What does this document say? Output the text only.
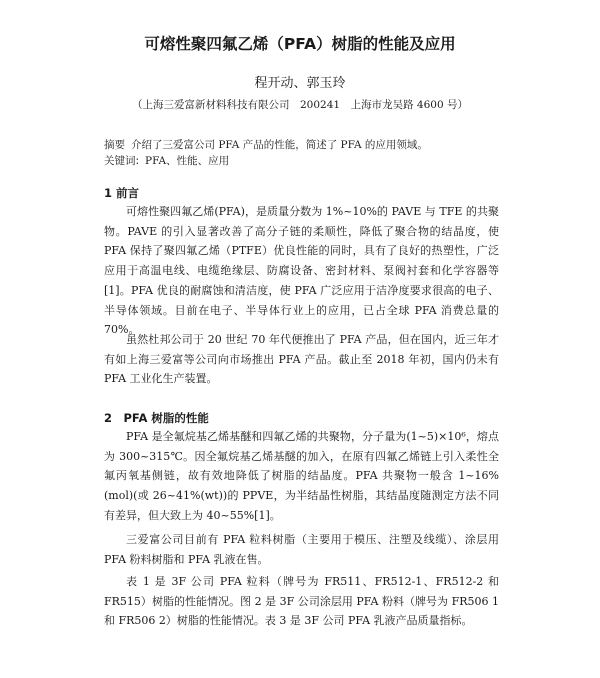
可熔性聚四氟乙烯（PFA）树脂的性能及应用
程开动、郭玉玲
（上海三爱富新材料科技有限公司　200241　上海市龙吴路 4600 号）
摘要 介绍了三爱富公司 PFA 产品的性能，简述了 PFA 的应用领域。
关键词: PFA、性能、应用
1 前言

可熔性聚四氟乙烯(PFA)，是质量分数为 1%~10%的 PAVE 与 TFE 的共聚物。PAVE 的引入显著改善了高分子链的柔顺性，降低了聚合物的结晶度，使 PFA 保持了聚四氟乙烯（PTFE）优良性能的同时，具有了良好的热塑性，广泛应用于高温电线、电缆绝缘层、防腐设备、密封材料、泵阀衬套和化学容器等[1]。PFA 优良的耐腐蚀和清洁度，使 PFA 广泛应用于洁净度要求很高的电子、半导体领域。目前在电子、半导体行业上的应用，已占全球 PFA 消费总量的 70%。

虽然杜邦公司于 20 世纪 70 年代便推出了 PFA 产品，但在国内，近三年才有如上海三爱富等公司向市场推出 PFA 产品。截止至 2018 年初，国内仍未有 PFA 工业化生产装置。

2　PFA 树脂的性能

PFA 是全氟烷基乙烯基醚和四氟乙烯的共聚物，分子量为(1~5)×10⁶，熔点为 300~315℃。因全氟烷基乙烯基醚的加入，在原有四氟乙烯链上引入柔性全氟丙氧基侧链，故有效地降低了树脂的结晶度。PFA 共聚物一般含 1~16%(mol)(或 26~41%(wt))的 PPVE，为半结晶性树脂，其结晶度随测定方法不同有差异，但大致上为 40~55%[1]。

三爱富公司目前有 PFA 粒料树脂（主要用于模压、注塑及线缆）、涂层用 PFA 粉料树脂和 PFA 乳液在售。

表 1 是 3F 公司 PFA 粒料（牌号为 FR511、FR512-1、FR512-2 和 FR515）树脂的性能情况。图 2 是 3F 公司涂层用 PFA 粉料（牌号为 FR506 1 和 FR506 2）树脂的性能情况。表 3 是 3F 公司 PFA 乳液产品质量指标。
